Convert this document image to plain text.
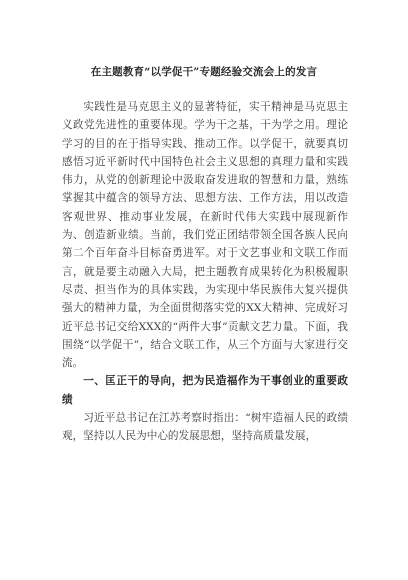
在主题教育“以学促干”专题经验交流会上的发言

实践性是马克思主义的显著特征，实干精神是马克思主义政党先进性的重要体现。学为干之基，干为学之用。理论学习的目的在于指导实践、推动工作。以学促干，就要真切感悟习近平新时代中国特色社会主义思想的真理力量和实践伟力，从党的创新理论中汲取奋发进取的智慧和力量，熟练掌握其中蕴含的领导方法、思想方法、工作方法，用以改造客观世界、推动事业发展，在新时代伟大实践中展现新作为、创造新业绩。当前，我们党正团结带领全国各族人民向第二个百年奋斗目标奋勇进军。对于文艺事业和文联工作而言，就是要主动融入大局，把主题教育成果转化为积极履职尽责、担当作为的具体实践，为实现中华民族伟大复兴提供强大的精神力量，为全面贯彻落实党的XX大精神、完成好习近平总书记交给XXX的“两件大事”贡献文艺力量。下面，我围绕“以学促干”，结合文联工作，从三个方面与大家进行交流。

一、匡正干的导向，把为民造福作为干事创业的重要政绩

习近平总书记在江苏考察时指出：“树牢造福人民的政绩观，坚持以人民为中心的发展思想，坚持高质量发展，
